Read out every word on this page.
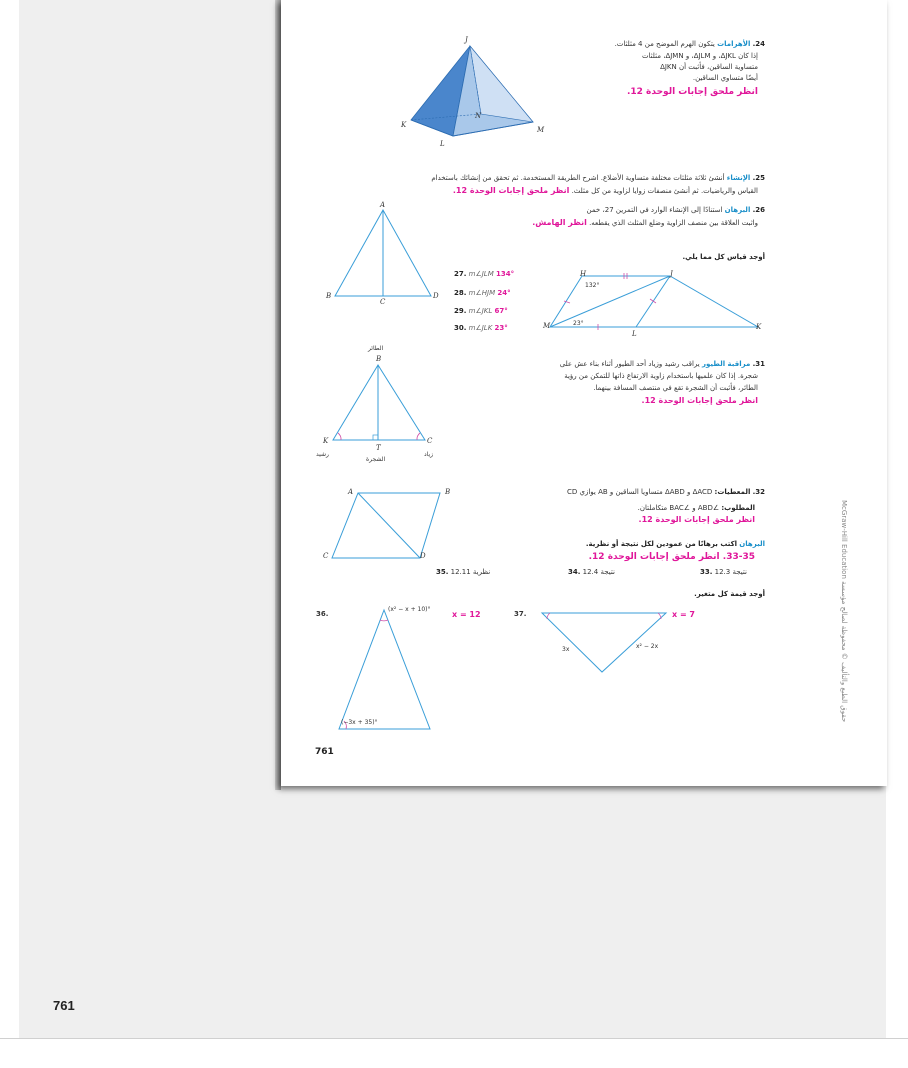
24. الأهرامات يتكون الهرم الموضح من 4 مثلثات.
إذا كان ΔJKL، و ΔJLM، و ΔJMN، مثلثات
متساوية الساقين، فأثبت أن ΔJKN
أيضًا متساوي الساقين.
انظر ملحق إجابات الوحدة 12.
J
K
L
M
N
25. الإنشاء أنشئ ثلاثة مثلثات مختلفة متساوية الأضلاع. اشرح الطريقة المستخدمة. ثم تحقق من إنشائك باستخدام
القياس والرياضيات. ثم أنشئ منصفات زوايا لزاوية من كل مثلث. انظر ملحق إجابات الوحدة 12.
26. البرهان استنادًا إلى الإنشاء الوارد في التمرين 27، خمن
واثبت العلاقة بين منصف الزاوية وضلع المثلث الذي يقطعه. انظر الهامش.
A
B
C
D
أوجد قياس كل مما يلي.
27. m∠JLM 134°
28. m∠HJM 24°
29. m∠JKL 67°
30. m∠JLK 23°
H	J
K
L
M
132°
23°
31. مراقبة الطيور يراقب رشيد وزياد أحد الطيور أثناء بناء عش على
شجرة. إذا كان علميها باستخدام زاوية الارتفاع ذاتها للتمكن من رؤية
الطائر، فأثبت أن الشجرة تقع في منتصف المسافة بينهما.
انظر ملحق إجابات الوحدة 12.
الطائر
B
K
T
C
رشيد
الشجرة
زياد
32. المعطيات: ΔACD و ΔABD متساويا الساقين و AB يوازي CD
المطلوب: ∠ABD و ∠BAC متكاملتان.
انظر ملحق إجابات الوحدة 12.
A	B
C	D
البرهان اكتب برهانًا من عمودين لكل نتيجة أو نظرية.
33-35. انظر ملحق إجابات الوحدة 12.
33. نتيجة 12.3
34. نتيجة 12.4
35. نظرية 12.11
أوجد قيمة كل متغير.
36.
(x² − x + 10)°
(−3x + 35)°
x = 12	37.
3x	x² − 2x
x = 7
761
McGraw-Hill Education حقوق الطبع والتأليف © محفوظة لصالح مؤسسة
761
